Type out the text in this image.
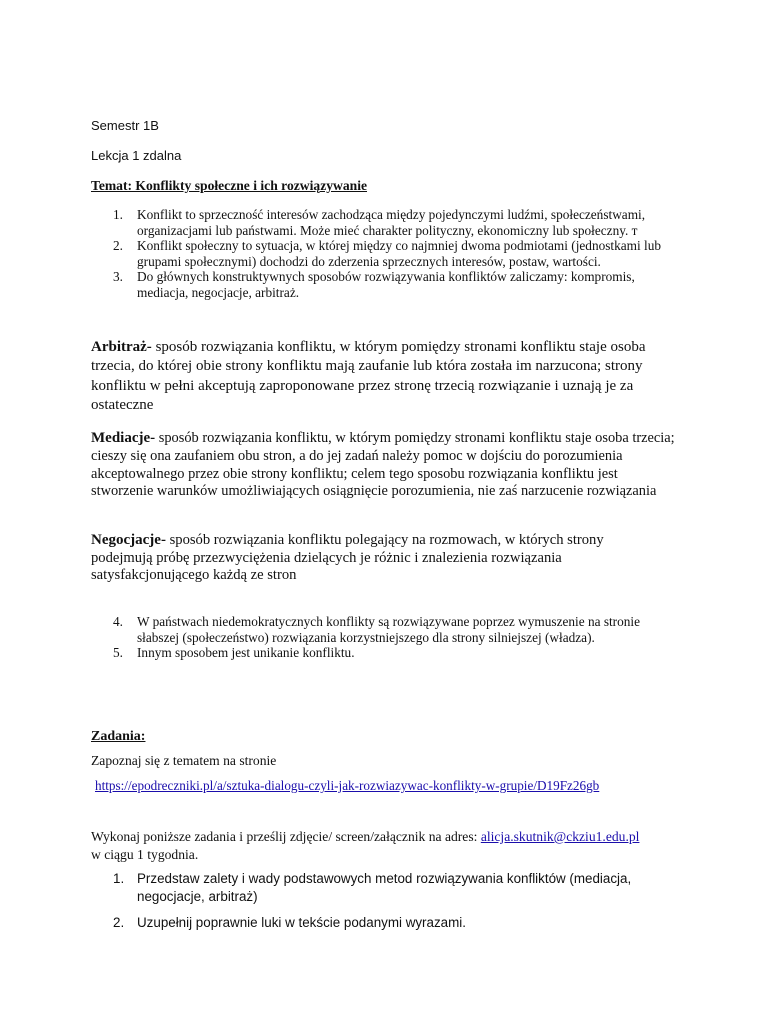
Semestr 1B
Lekcja 1 zdalna
Temat: Konflikty społeczne i ich rozwiązywanie
1. Konflikt to sprzeczność interesów zachodząca między pojedynczymi ludźmi, społeczeństwami, organizacjami lub państwami. Może mieć charakter polityczny, ekonomiczny lub społeczny. т
2. Konflikt społeczny to sytuacja, w której między co najmniej dwoma podmiotami (jednostkami lub grupami społecznymi) dochodzi do zderzenia sprzecznych interesów, postaw, wartości.
3. Do głównych konstruktywnych sposobów rozwiązywania konfliktów zaliczamy: kompromis, mediacja, negocjacje, arbitraż.

Arbitraż- sposób rozwiązania konfliktu, w którym pomiędzy stronami konfliktu staje osoba trzecia, do której obie strony konfliktu mają zaufanie lub która została im narzucona; strony konfliktu w pełni akceptują zaproponowane przez stronę trzecią rozwiązanie i uznają je za ostateczne

Mediacje- sposób rozwiązania konfliktu, w którym pomiędzy stronami konfliktu staje osoba trzecia; cieszy się ona zaufaniem obu stron, a do jej zadań należy pomoc w dojściu do porozumienia akceptowalnego przez obie strony konfliktu; celem tego sposobu rozwiązania konfliktu jest stworzenie warunków umożliwiających osiągnięcie porozumienia, nie zaś narzucenie rozwiązania

Negocjacje- sposób rozwiązania konfliktu polegający na rozmowach, w których strony podejmują próbę przezwyciężenia dzielących je różnic i znalezienia rozwiązania satysfakcjonującego każdą ze stron

4. W państwach niedemokratycznych konflikty są rozwiązywane poprzez wymuszenie na stronie słabszej (społeczeństwo) rozwiązania korzystniejszego dla strony silniejszej (władza).
5. Innym sposobem jest unikanie konfliktu.
Zadania:
Zapoznaj się z tematem na stronie
https://epodreczniki.pl/a/sztuka-dialogu-czyli-jak-rozwiazywac-konflikty-w-grupie/D19Fz26gb
Wykonaj poniższe zadania i prześlij zdjęcie/ screen/załącznik na adres: alicja.skutnik@ckziu1.edu.pl
w ciągu 1 tygodnia.
1. Przedstaw zalety i wady podstawowych metod rozwiązywania konfliktów (mediacja, negocjacje, arbitraż)
2. Uzupełnij poprawnie luki w tekście podanymi wyrazami.
